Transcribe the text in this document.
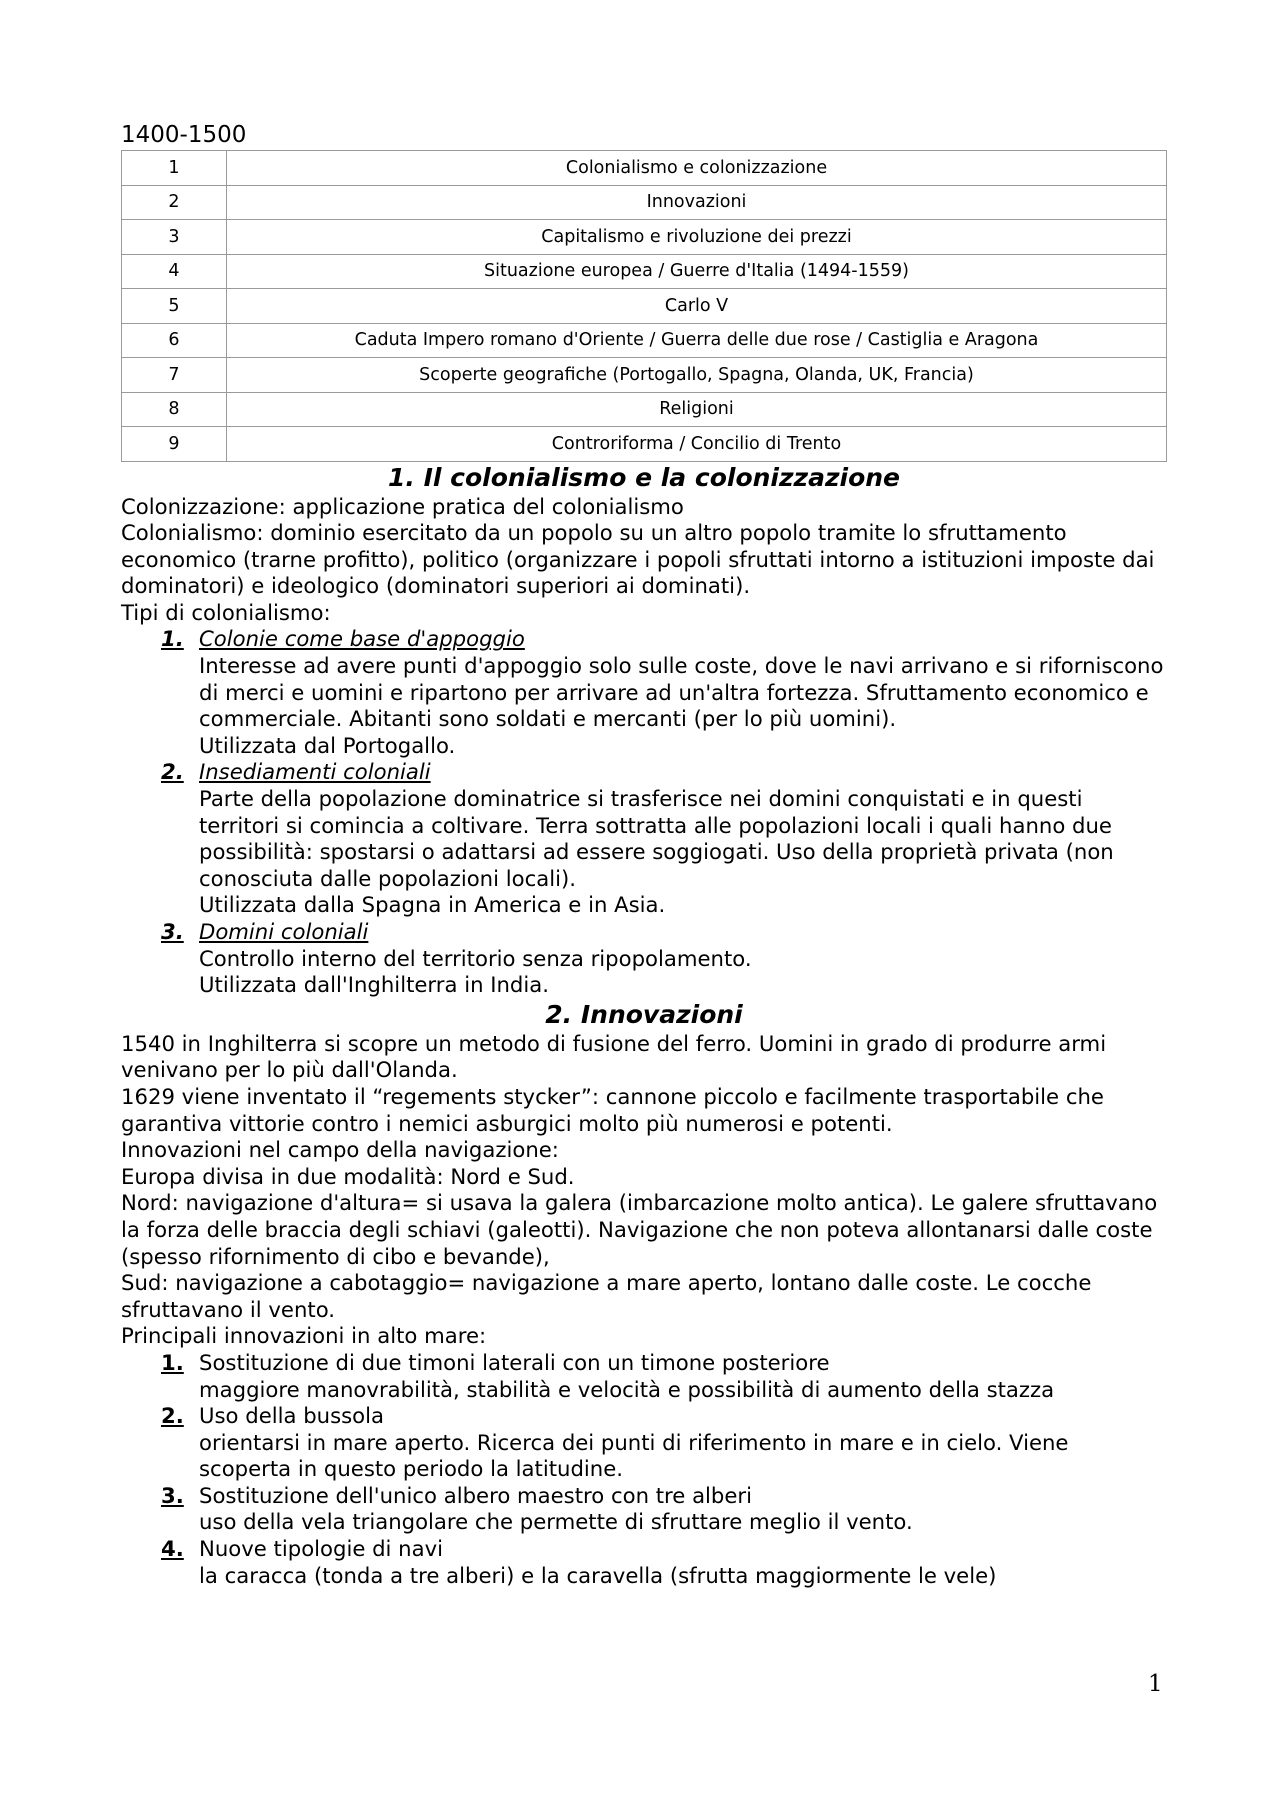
1400-1500
1	Colonialismo e colonizzazione
2	Innovazioni
3	Capitalismo e rivoluzione dei prezzi
4	Situazione europea / Guerre d'Italia (1494-1559)
5	Carlo V
6	Caduta Impero romano d'Oriente / Guerra delle due rose / Castiglia e Aragona
7	Scoperte geografiche (Portogallo, Spagna, Olanda, UK, Francia)
8	Religioni
9	Controriforma / Concilio di Trento
1. Il colonialismo e la colonizzazione

Colonizzazione: applicazione pratica del colonialismo

Colonialismo: dominio esercitato da un popolo su un altro popolo tramite lo sfruttamento economico (trarne profitto), politico (organizzare i popoli sfruttati intorno a istituzioni imposte dai dominatori) e ideologico (dominatori superiori ai dominati).

Tipi di colonialismo:

1. Colonie come base d'appoggio
Interesse ad avere punti d'appoggio solo sulle coste, dove le navi arrivano e si riforniscono di merci e uomini e ripartono per arrivare ad un'altra fortezza. Sfruttamento economico e commerciale. Abitanti sono soldati e mercanti (per lo più uomini).
Utilizzata dal Portogallo.
2. Insediamenti coloniali
Parte della popolazione dominatrice si trasferisce nei domini conquistati e in questi territori si comincia a coltivare. Terra sottratta alle popolazioni locali i quali hanno due possibilità: spostarsi o adattarsi ad essere soggiogati. Uso della proprietà privata (non conosciuta dalle popolazioni locali).
Utilizzata dalla Spagna in America e in Asia.
3. Domini coloniali
Controllo interno del territorio senza ripopolamento.
Utilizzata dall'Inghilterra in India.
2. Innovazioni

1540 in Inghilterra si scopre un metodo di fusione del ferro. Uomini in grado di produrre armi venivano per lo più dall'Olanda.

1629 viene inventato il “regements stycker”: cannone piccolo e facilmente trasportabile che garantiva vittorie contro i nemici asburgici molto più numerosi e potenti.

Innovazioni nel campo della navigazione:

Europa divisa in due modalità: Nord e Sud.

Nord: navigazione d'altura= si usava la galera (imbarcazione molto antica). Le galere sfruttavano la forza delle braccia degli schiavi (galeotti). Navigazione che non poteva allontanarsi dalle coste (spesso rifornimento di cibo e bevande),

Sud: navigazione a cabotaggio= navigazione a mare aperto, lontano dalle coste. Le cocche sfruttavano il vento.

Principali innovazioni in alto mare:

1. Sostituzione di due timoni laterali con un timone posteriore
maggiore manovrabilità, stabilità e velocità e possibilità di aumento della stazza
2. Uso della bussola
orientarsi in mare aperto. Ricerca dei punti di riferimento in mare e in cielo. Viene scoperta in questo periodo la latitudine.
3. Sostituzione dell'unico albero maestro con tre alberi
uso della vela triangolare che permette di sfruttare meglio il vento.
4. Nuove tipologie di navi
la caracca (tonda a tre alberi) e la caravella (sfrutta maggiormente le vele)
1
